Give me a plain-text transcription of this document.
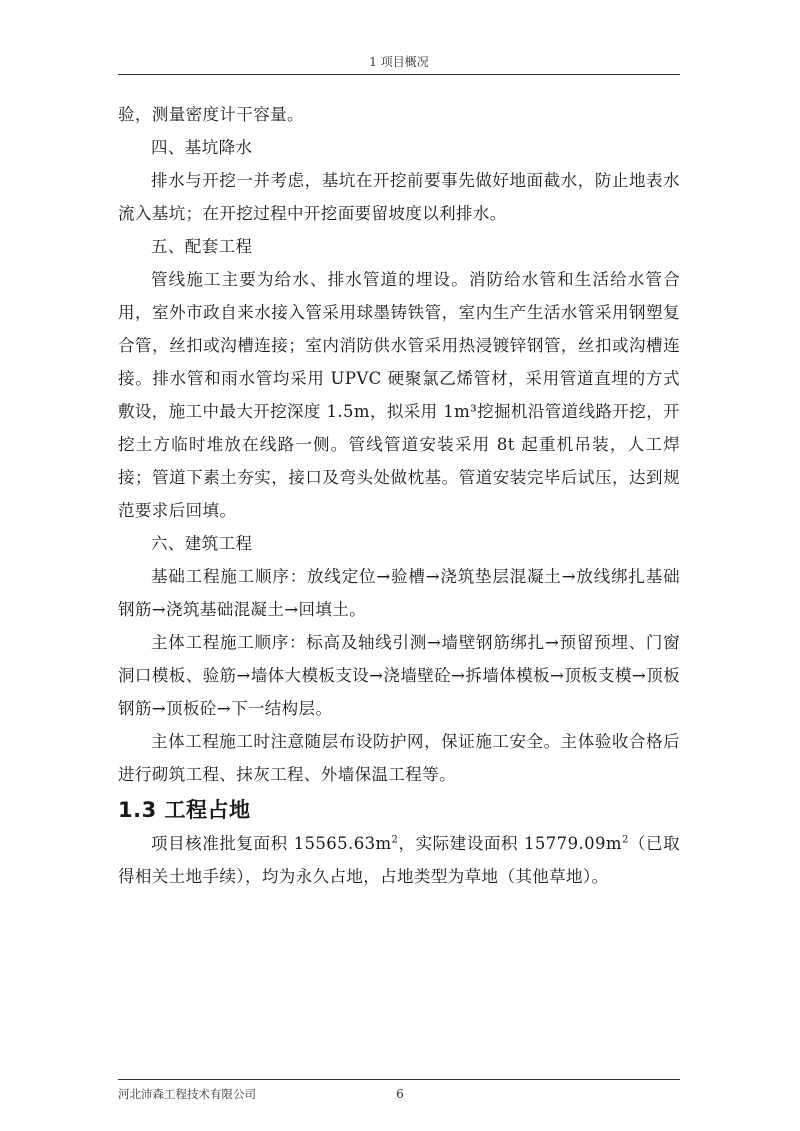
1 项目概况

验，测量密度计干容量。

四、基坑降水

排水与开挖一并考虑，基坑在开挖前要事先做好地面截水，防止地表水流入基坑；在开挖过程中开挖面要留坡度以利排水。

五、配套工程

管线施工主要为给水、排水管道的埋设。消防给水管和生活给水管合用，室外市政自来水接入管采用球墨铸铁管，室内生产生活水管采用钢塑复合管，丝扣或沟槽连接；室内消防供水管采用热浸镀锌钢管，丝扣或沟槽连接。排水管和雨水管均采用 UPVC 硬聚氯乙烯管材，采用管道直埋的方式敷设，施工中最大开挖深度 1.5m，拟采用 1m³挖掘机沿管道线路开挖，开挖土方临时堆放在线路一侧。管线管道安装采用 8t 起重机吊装，人工焊接；管道下素土夯实，接口及弯头处做枕基。管道安装完毕后试压，达到规范要求后回填。

六、建筑工程

基础工程施工顺序：放线定位→验槽→浇筑垫层混凝土→放线绑扎基础钢筋→浇筑基础混凝土→回填土。

主体工程施工顺序：标高及轴线引测→墙壁钢筋绑扎→预留预埋、门窗洞口模板、验筋→墙体大模板支设→浇墙壁砼→拆墙体模板→顶板支模→顶板钢筋→顶板砼→下一结构层。

主体工程施工时注意随层布设防护网，保证施工安全。主体验收合格后进行砌筑工程、抹灰工程、外墙保温工程等。

1.3 工程占地

项目核准批复面积 $15565.63m^2$，实际建设面积 $15779.09m^2$（已取得相关土地手续），均为永久占地，占地类型为草地（其他草地）。

河北沛森工程技术有限公司	6
